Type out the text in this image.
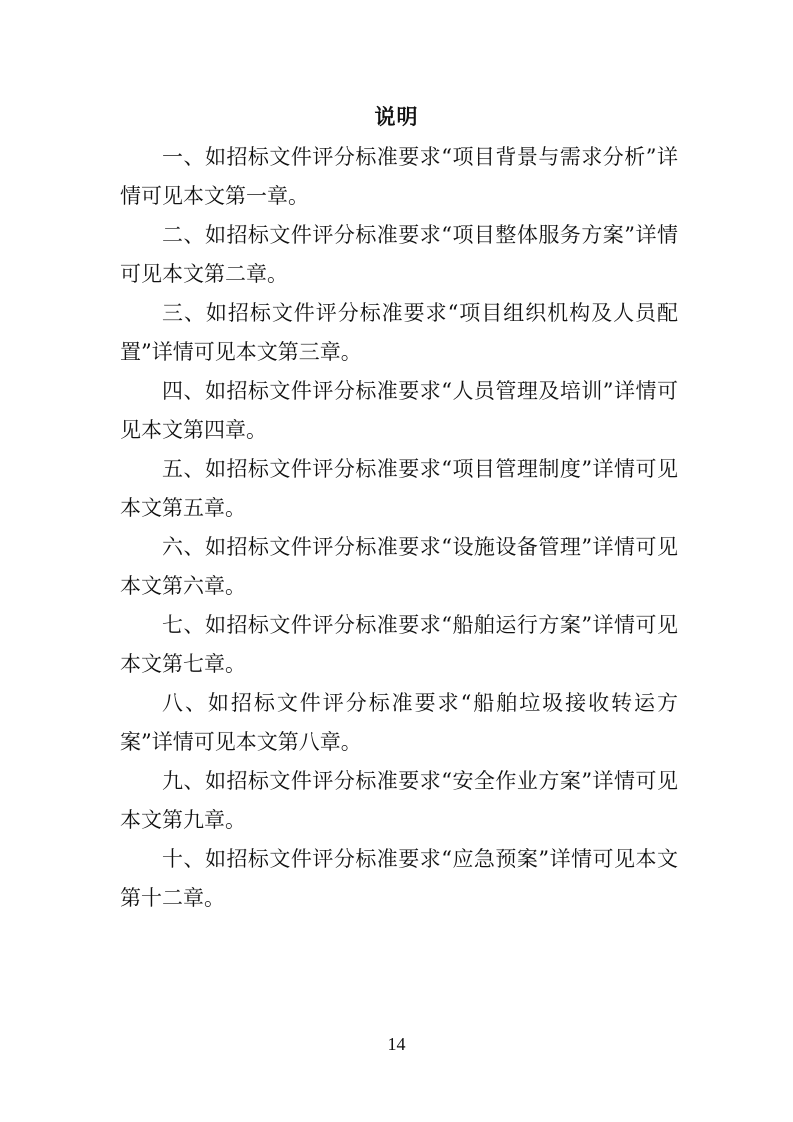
说明

一、如招标文件评分标准要求“项目背景与需求分析”详情可见本文第一章。

二、如招标文件评分标准要求“项目整体服务方案”详情可见本文第二章。

三、如招标文件评分标准要求“项目组织机构及人员配置”详情可见本文第三章。

四、如招标文件评分标准要求“人员管理及培训”详情可见本文第四章。

五、如招标文件评分标准要求“项目管理制度”详情可见本文第五章。

六、如招标文件评分标准要求“设施设备管理”详情可见本文第六章。

七、如招标文件评分标准要求“船舶运行方案”详情可见本文第七章。

八、如招标文件评分标准要求“船舶垃圾接收转运方案”详情可见本文第八章。

九、如招标文件评分标准要求“安全作业方案”详情可见本文第九章。

十、如招标文件评分标准要求“应急预案”详情可见本文第十二章。

14
